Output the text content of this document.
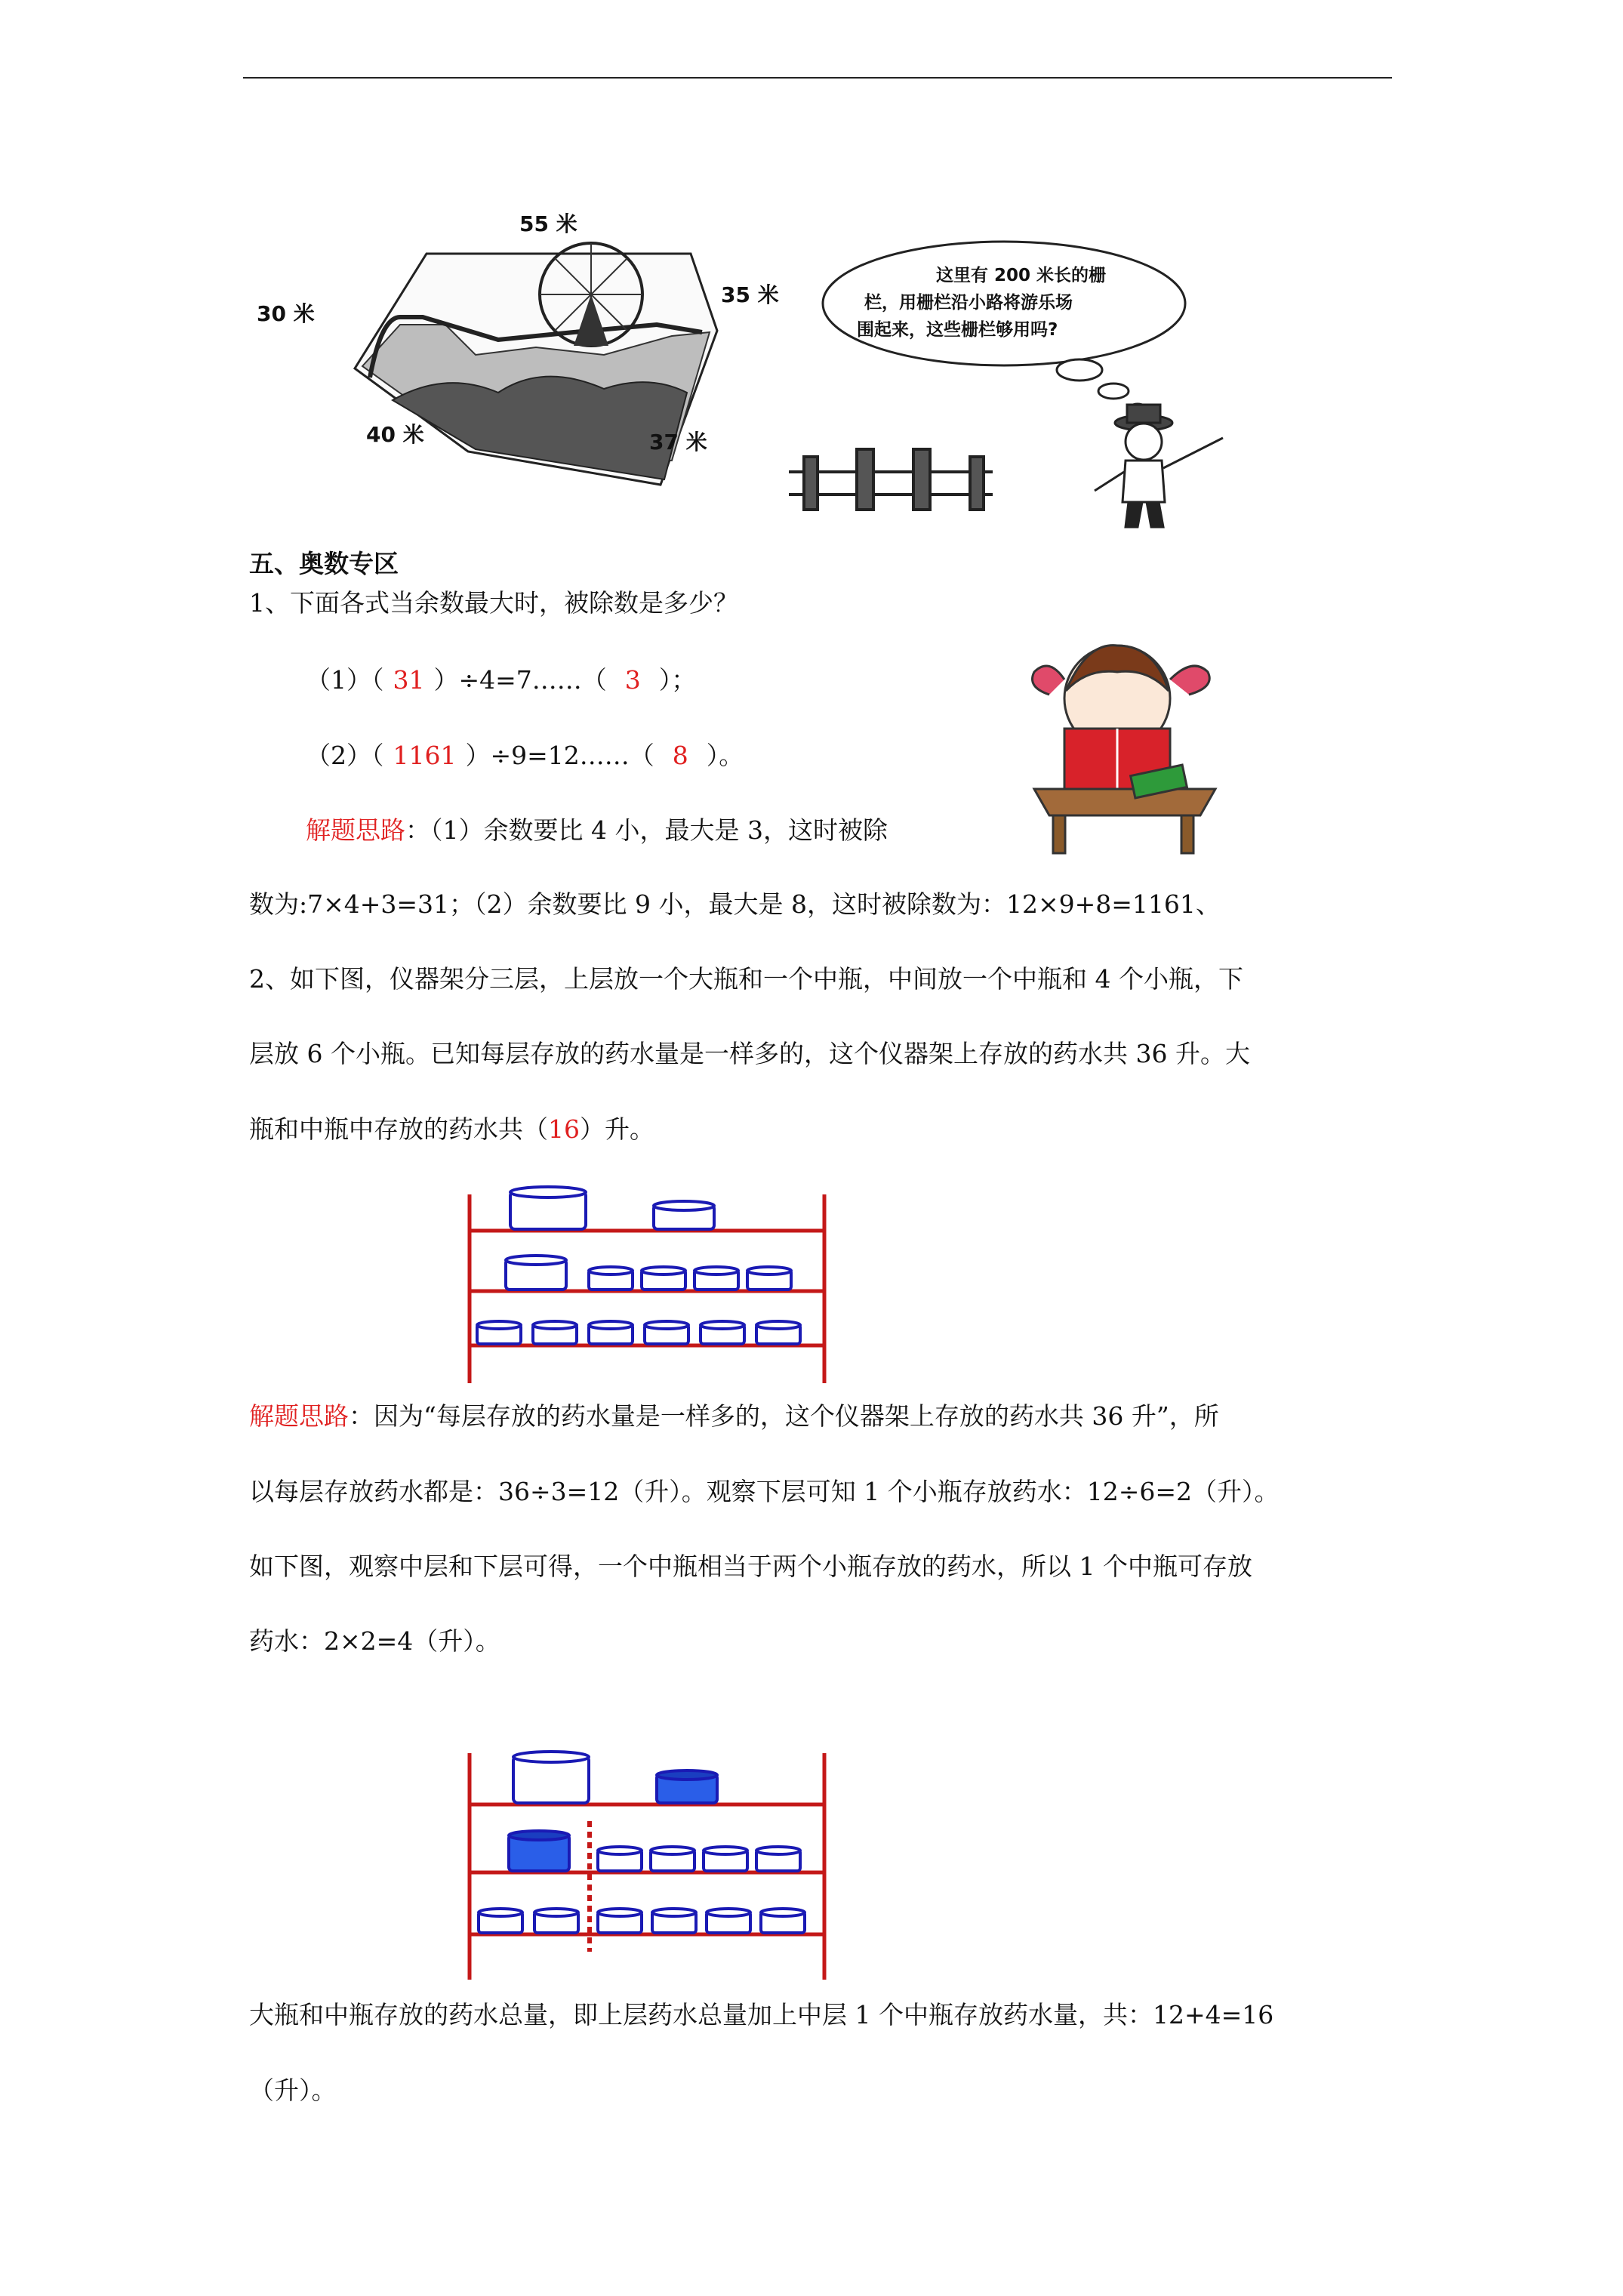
55 米
35 米
30 米
40 米	37 米
这里有 200 米长的栅
栏，用栅栏沿小路将游乐场
围起来，这些栅栏够用吗?
五、奥数专区
1、下面各式当余数最大时，被除数是多少？
（1）（ 31 ）÷4=7……（ 3 ）；
（2）（ 1161 ）÷9=12……（ 8 ）。
解题思路：（1）余数要比 4 小，最大是 3，这时被除
数为:7×4+3=31；（2）余数要比 9 小，最大是 8，这时被除数为：12×9+8=1161、
2、如下图，仪器架分三层，上层放一个大瓶和一个中瓶，中间放一个中瓶和 4 个小瓶，下
层放 6 个小瓶。已知每层存放的药水量是一样多的，这个仪器架上存放的药水共 36 升。大
瓶和中瓶中存放的药水共（16）升。
解题思路：因为“每层存放的药水量是一样多的，这个仪器架上存放的药水共 36 升”，所
以每层存放药水都是：36÷3=12（升）。观察下层可知 1 个小瓶存放药水：12÷6=2（升）。
如下图，观察中层和下层可得，一个中瓶相当于两个小瓶存放的药水，所以 1 个中瓶可存放
药水：2×2=4（升）。
大瓶和中瓶存放的药水总量，即上层药水总量加上中层 1 个中瓶存放药水量，共：12+4=16
（升）。
